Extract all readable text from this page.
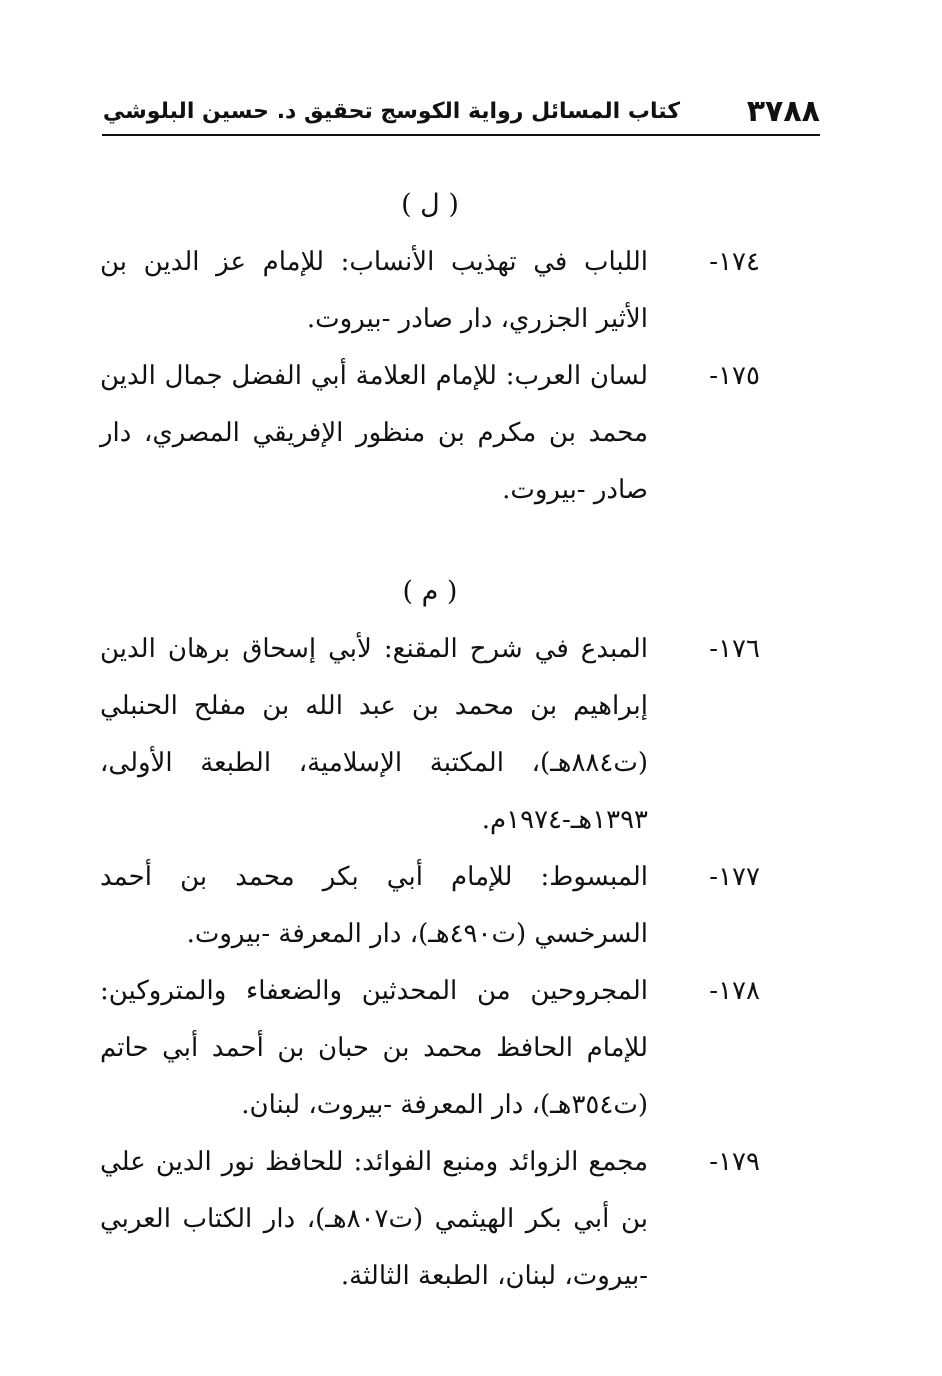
٣٧٨٨
كتاب المسائل رواية الكوسج تحقيق د. حسين البلوشي
( ل )
١٧٤-
اللباب في تهذيب الأنساب: للإمام عز الدين بن الأثير الجزري، دار صادر -بيروت.
١٧٥-
لسان العرب: للإمام العلامة أبي الفضل جمال الدين محمد بن مكرم بن منظور الإفريقي المصري، دار صادر -بيروت.
( م )
١٧٦-
المبدع في شرح المقنع: لأبي إسحاق برهان الدين إبراهيم بن محمد بن عبد الله بن مفلح الحنبلي (ت٨٨٤هـ)، المكتبة الإسلامية، الطبعة الأولى، ١٣٩٣هـ-١٩٧٤م.
١٧٧-
المبسوط: للإمام أبي بكر محمد بن أحمد السرخسي (ت٤٩٠هـ)، دار المعرفة -بيروت.
١٧٨-
المجروحين من المحدثين والضعفاء والمتروكين: للإمام الحافظ محمد بن حبان بن أحمد أبي حاتم (ت٣٥٤هـ)، دار المعرفة -بيروت، لبنان.
١٧٩-
مجمع الزوائد ومنبع الفوائد: للحافظ نور الدين علي بن أبي بكر الهيثمي (ت٨٠٧هـ)، دار الكتاب العربي -بيروت، لبنان، الطبعة الثالثة.
